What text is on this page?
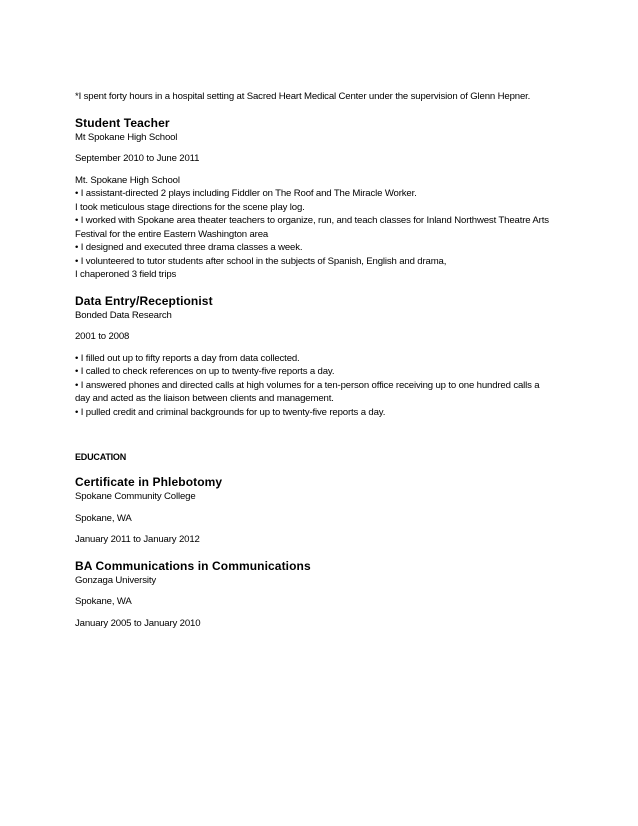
*I spent forty hours in a hospital setting at Sacred Heart Medical Center under the supervision of Glenn Hepner.
Student Teacher
Mt Spokane High School
September 2010 to June 2011
Mt. Spokane High School
• I assistant-directed 2 plays including Fiddler on The Roof and The Miracle Worker.
I took meticulous stage directions for the scene play log.
• I worked with Spokane area theater teachers to organize, run, and teach classes for Inland Northwest Theatre Arts
Festival for the entire Eastern Washington area
• I designed and executed three drama classes a week.
• I volunteered to tutor students after school in the subjects of Spanish, English and drama,
I chaperoned 3 field trips
Data Entry/Receptionist
Bonded Data Research
2001 to 2008
• I filled out up to fifty reports a day from data collected.
• I called to check references on up to twenty-five reports a day.
• I answered phones and directed calls at high volumes for a ten-person office receiving up to one hundred calls a
day and acted as the liaison between clients and management.
• I pulled credit and criminal backgrounds for up to twenty-five reports a day.
EDUCATION
Certificate in Phlebotomy
Spokane Community College
Spokane, WA
January 2011 to January 2012
BA Communications in Communications
Gonzaga University
Spokane, WA
January 2005 to January 2010
